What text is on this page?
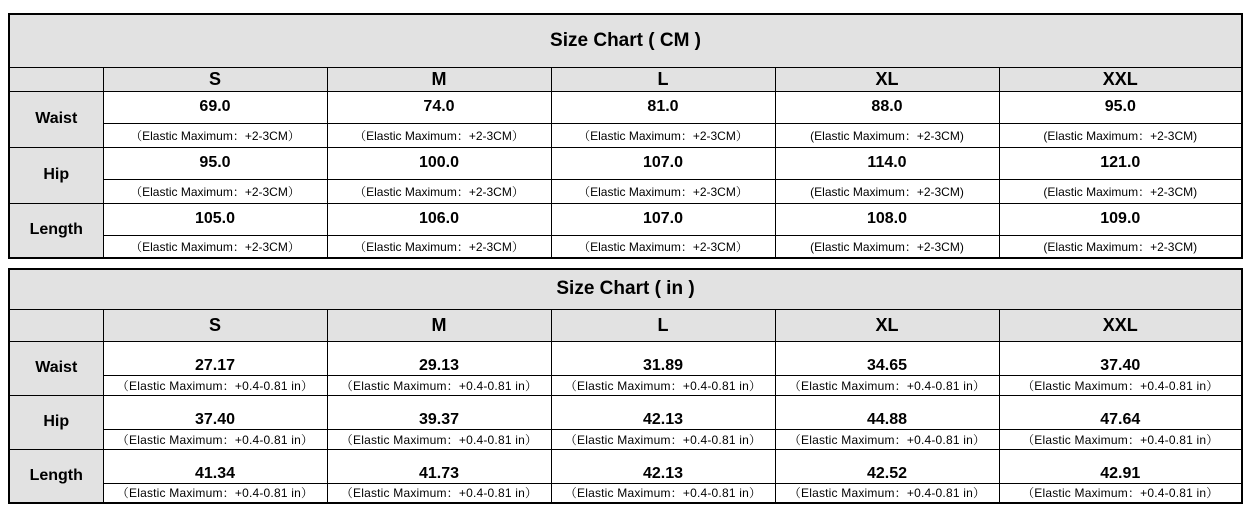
Size Chart ( CM )					
	S	M	L	XL	XXL
Waist	69.0	74.0	81.0	88.0	95.0
	（Elastic Maximum：+2-3CM）	（Elastic Maximum：+2-3CM）	（Elastic Maximum：+2-3CM）	(Elastic Maximum：+2-3CM)	(Elastic Maximum：+2-3CM)
Hip	95.0	100.0	107.0	114.0	121.0
	（Elastic Maximum：+2-3CM）	（Elastic Maximum：+2-3CM）	（Elastic Maximum：+2-3CM）	(Elastic Maximum：+2-3CM)	(Elastic Maximum：+2-3CM)
Length	105.0	106.0	107.0	108.0	109.0
	（Elastic Maximum：+2-3CM）	（Elastic Maximum：+2-3CM）	（Elastic Maximum：+2-3CM）	(Elastic Maximum：+2-3CM)	(Elastic Maximum：+2-3CM)
Size Chart ( in )					
	S	M	L	XL	XXL
Waist	27.17	29.13	31.89	34.65	37.40
	（Elastic Maximum：+0.4-0.81 in）	（Elastic Maximum：+0.4-0.81 in）	（Elastic Maximum：+0.4-0.81 in）	（Elastic Maximum：+0.4-0.81 in）	（Elastic Maximum：+0.4-0.81 in）
Hip	37.40	39.37	42.13	44.88	47.64
	（Elastic Maximum：+0.4-0.81 in）	（Elastic Maximum：+0.4-0.81 in）	（Elastic Maximum：+0.4-0.81 in）	（Elastic Maximum：+0.4-0.81 in）	（Elastic Maximum：+0.4-0.81 in）
Length	41.34	41.73	42.13	42.52	42.91
	（Elastic Maximum：+0.4-0.81 in）	（Elastic Maximum：+0.4-0.81 in）	（Elastic Maximum：+0.4-0.81 in）	（Elastic Maximum：+0.4-0.81 in）	（Elastic Maximum：+0.4-0.81 in）
